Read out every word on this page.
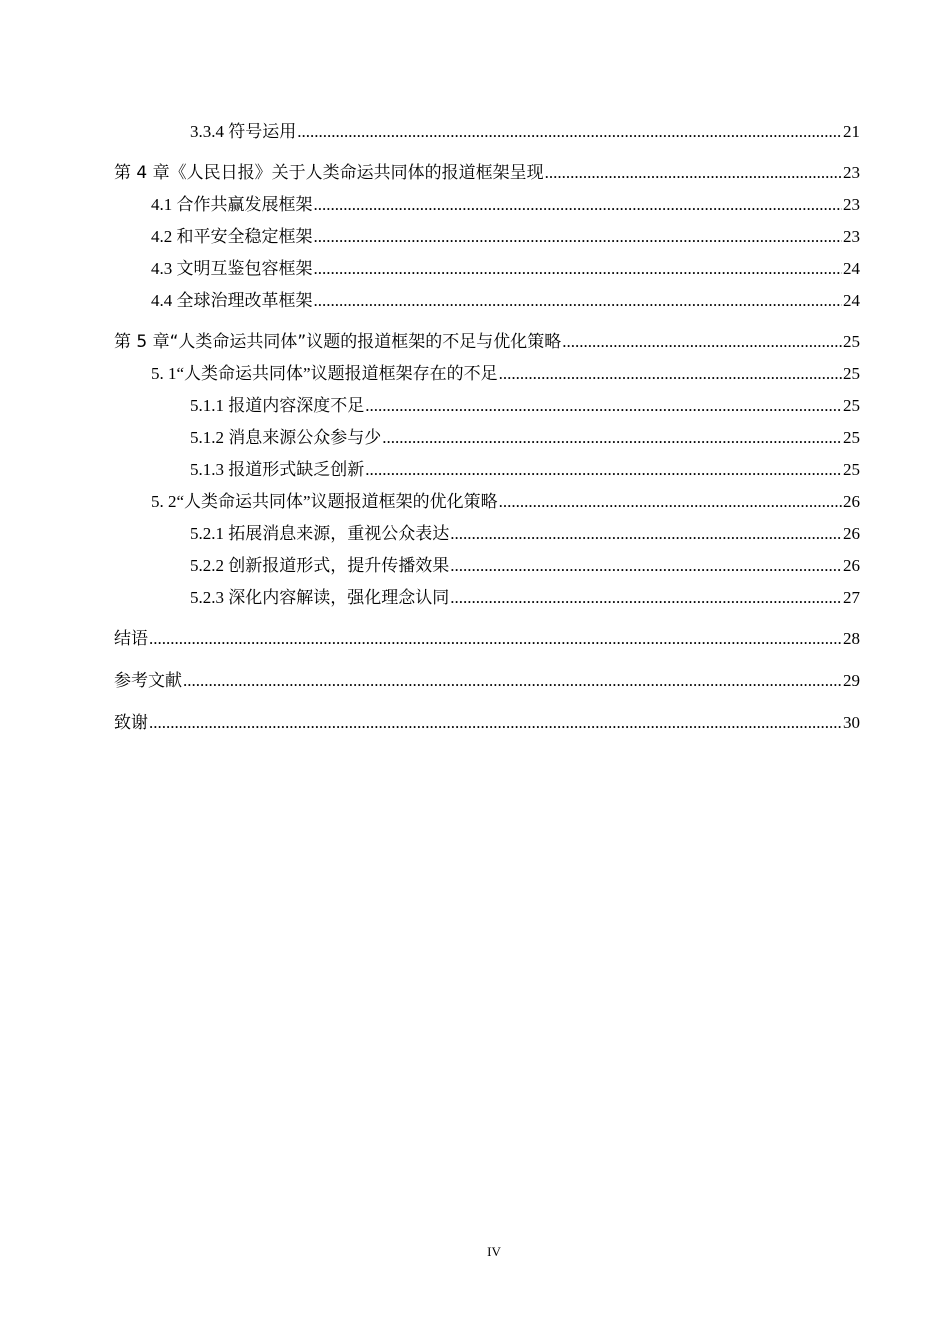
3.3.4 符号运用 .....	21
第 4 章《人民日报》关于人类命运共同体的报道框架呈现 .....	23
4.1 合作共赢发展框架 .....	23
4.2 和平安全稳定框架 .....	23
4.3 文明互鉴包容框架 .....	24
4.4 全球治理改革框架 .....	24
第 5 章“人类命运共同体”议题的报道框架的不足与优化策略 .....	25
5. 1“人类命运共同体”议题报道框架存在的不足 .....	25
5.1.1 报道内容深度不足 .....	25
5.1.2 消息来源公众参与少 .....	25
5.1.3 报道形式缺乏创新 .....	25
5. 2“人类命运共同体”议题报道框架的优化策略 .....	26
5.2.1 拓展消息来源，重视公众表达 .....	26
5.2.2 创新报道形式，提升传播效果 .....	26
5.2.3 深化内容解读，强化理念认同 .....	27
结语 .....	28
参考文献 .....	29
致谢 .....	30
IV
